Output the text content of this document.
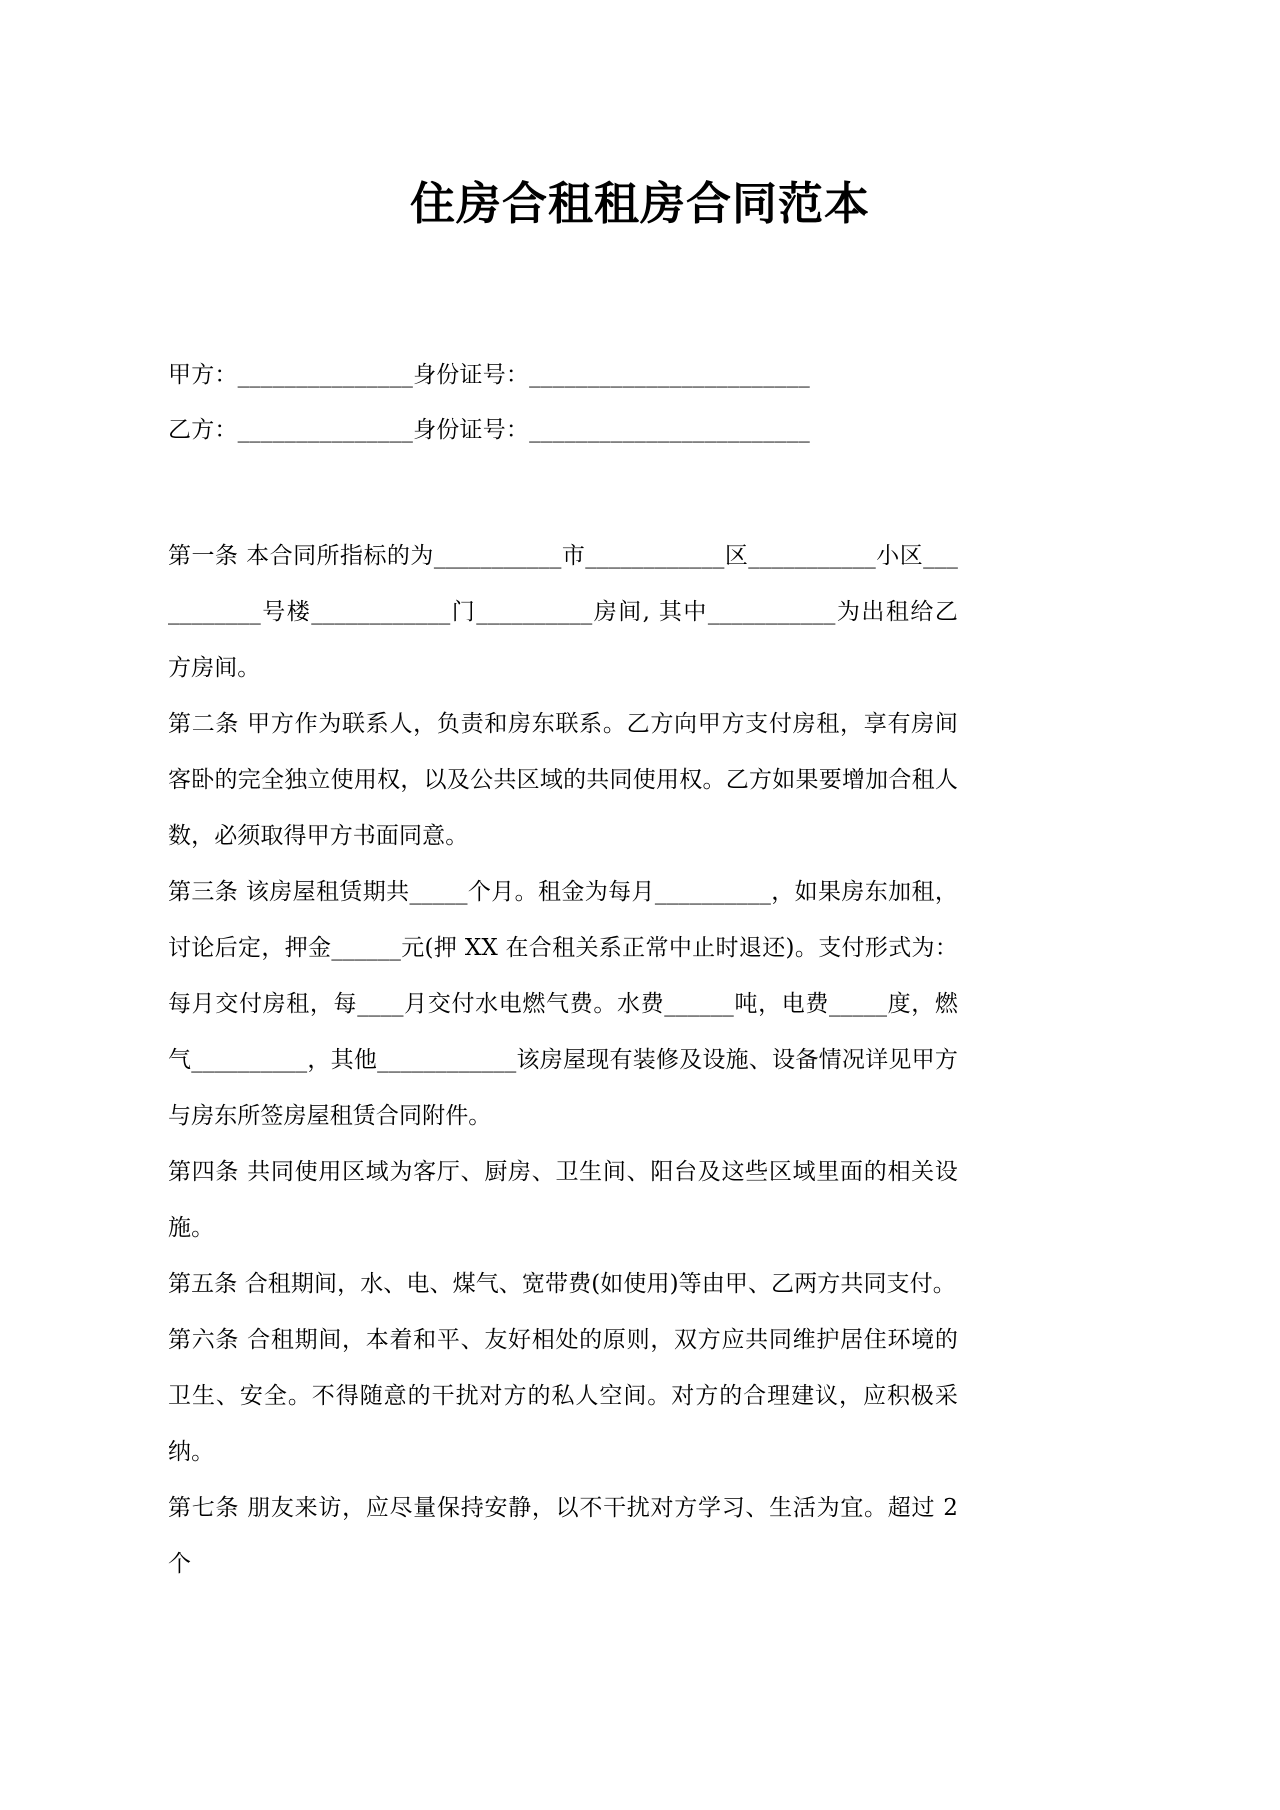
住房合租租房合同范本
甲方：_______________身份证号：________________________
乙方：_______________身份证号：________________________

第一条 本合同所指标的为___________市____________区___________小区___________号楼____________门__________房间, 其中___________为出租给乙方房间。

第二条 甲方作为联系人，负责和房东联系。乙方向甲方支付房租，享有房间客卧的完全独立使用权，以及公共区域的共同使用权。乙方如果要增加合租人数，必须取得甲方书面同意。

第三条 该房屋租赁期共_____个月。租金为每月__________，如果房东加租，讨论后定，押金______元(押 XX 在合租关系正常中止时退还)。支付形式为：每月交付房租，每____月交付水电燃气费。水费______吨，电费_____度，燃气__________，其他____________该房屋现有装修及设施、设备情况详见甲方与房东所签房屋租赁合同附件。

第四条 共同使用区域为客厅、厨房、卫生间、阳台及这些区域里面的相关设施。

第五条 合租期间，水、电、煤气、宽带费(如使用)等由甲、乙两方共同支付。

第六条 合租期间，本着和平、友好相处的原则，双方应共同维护居住环境的卫生、安全。不得随意的干扰对方的私人空间。对方的合理建议，应积极采纳。

第七条 朋友来访，应尽量保持安静，以不干扰对方学习、生活为宜。超过 2 个
